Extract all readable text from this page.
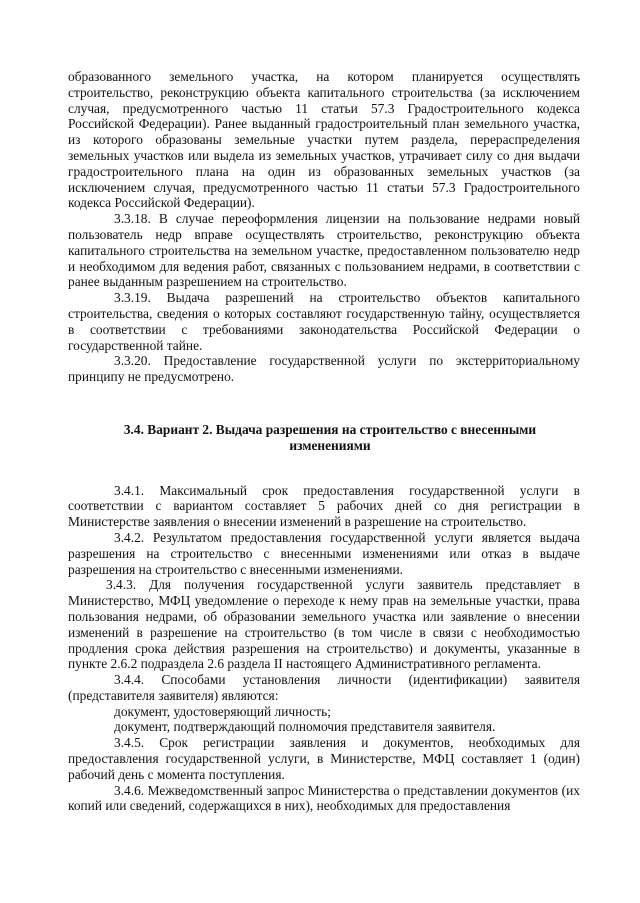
образованного земельного участка, на котором планируется осуществлять строительство, реконструкцию объекта капитального строительства (за исключением случая, предусмотренного частью 11 статьи 57.3 Градостроительного кодекса Российской Федерации). Ранее выданный градостроительный план земельного участка, из которого образованы земельные участки путем раздела, перераспределения земельных участков или выдела из земельных участков, утрачивает силу со дня выдачи градостроительного плана на один из образованных земельных участков (за исключением случая, предусмотренного частью 11 статьи 57.3 Градостроительного кодекса Российской Федерации).

3.3.18. В случае переоформления лицензии на пользование недрами новый пользователь недр вправе осуществлять строительство, реконструкцию объекта капитального строительства на земельном участке, предоставленном пользователю недр и необходимом для ведения работ, связанных с пользованием недрами, в соответствии с ранее выданным разрешением на строительство.

3.3.19. Выдача разрешений на строительство объектов капитального строительства, сведения о которых составляют государственную тайну, осуществляется в соответствии с требованиями законодательства Российской Федерации о государственной тайне.

3.3.20. Предоставление государственной услуги по экстерриториальному принципу не предусмотрено.

3.4. Вариант 2. Выдача разрешения на строительство с внесенными изменениями

3.4.1. Максимальный срок предоставления государственной услуги в соответствии с вариантом составляет 5 рабочих дней со дня регистрации в Министерстве заявления о внесении изменений в разрешение на строительство.

3.4.2. Результатом предоставления государственной услуги является выдача разрешения на строительство с внесенными изменениями или отказ в выдаче разрешения на строительство с внесенными изменениями.

3.4.3. Для получения государственной услуги заявитель представляет в Министерство, МФЦ уведомление о переходе к нему прав на земельные участки, права пользования недрами, об образовании земельного участка или заявление о внесении изменений в разрешение на строительство (в том числе в связи с необходимостью продления срока действия разрешения на строительство) и документы, указанные в пункте 2.6.2 подраздела 2.6 раздела II настоящего Административного регламента.

3.4.4. Способами установления личности (идентификации) заявителя (представителя заявителя) являются:

документ, удостоверяющий личность;

документ, подтверждающий полномочия представителя заявителя.

3.4.5. Срок регистрации заявления и документов, необходимых для предоставления государственной услуги, в Министерстве, МФЦ составляет 1 (один) рабочий день с момента поступления.

3.4.6. Межведомственный запрос Министерства о представлении документов (их копий или сведений, содержащихся в них), необходимых для предоставления
